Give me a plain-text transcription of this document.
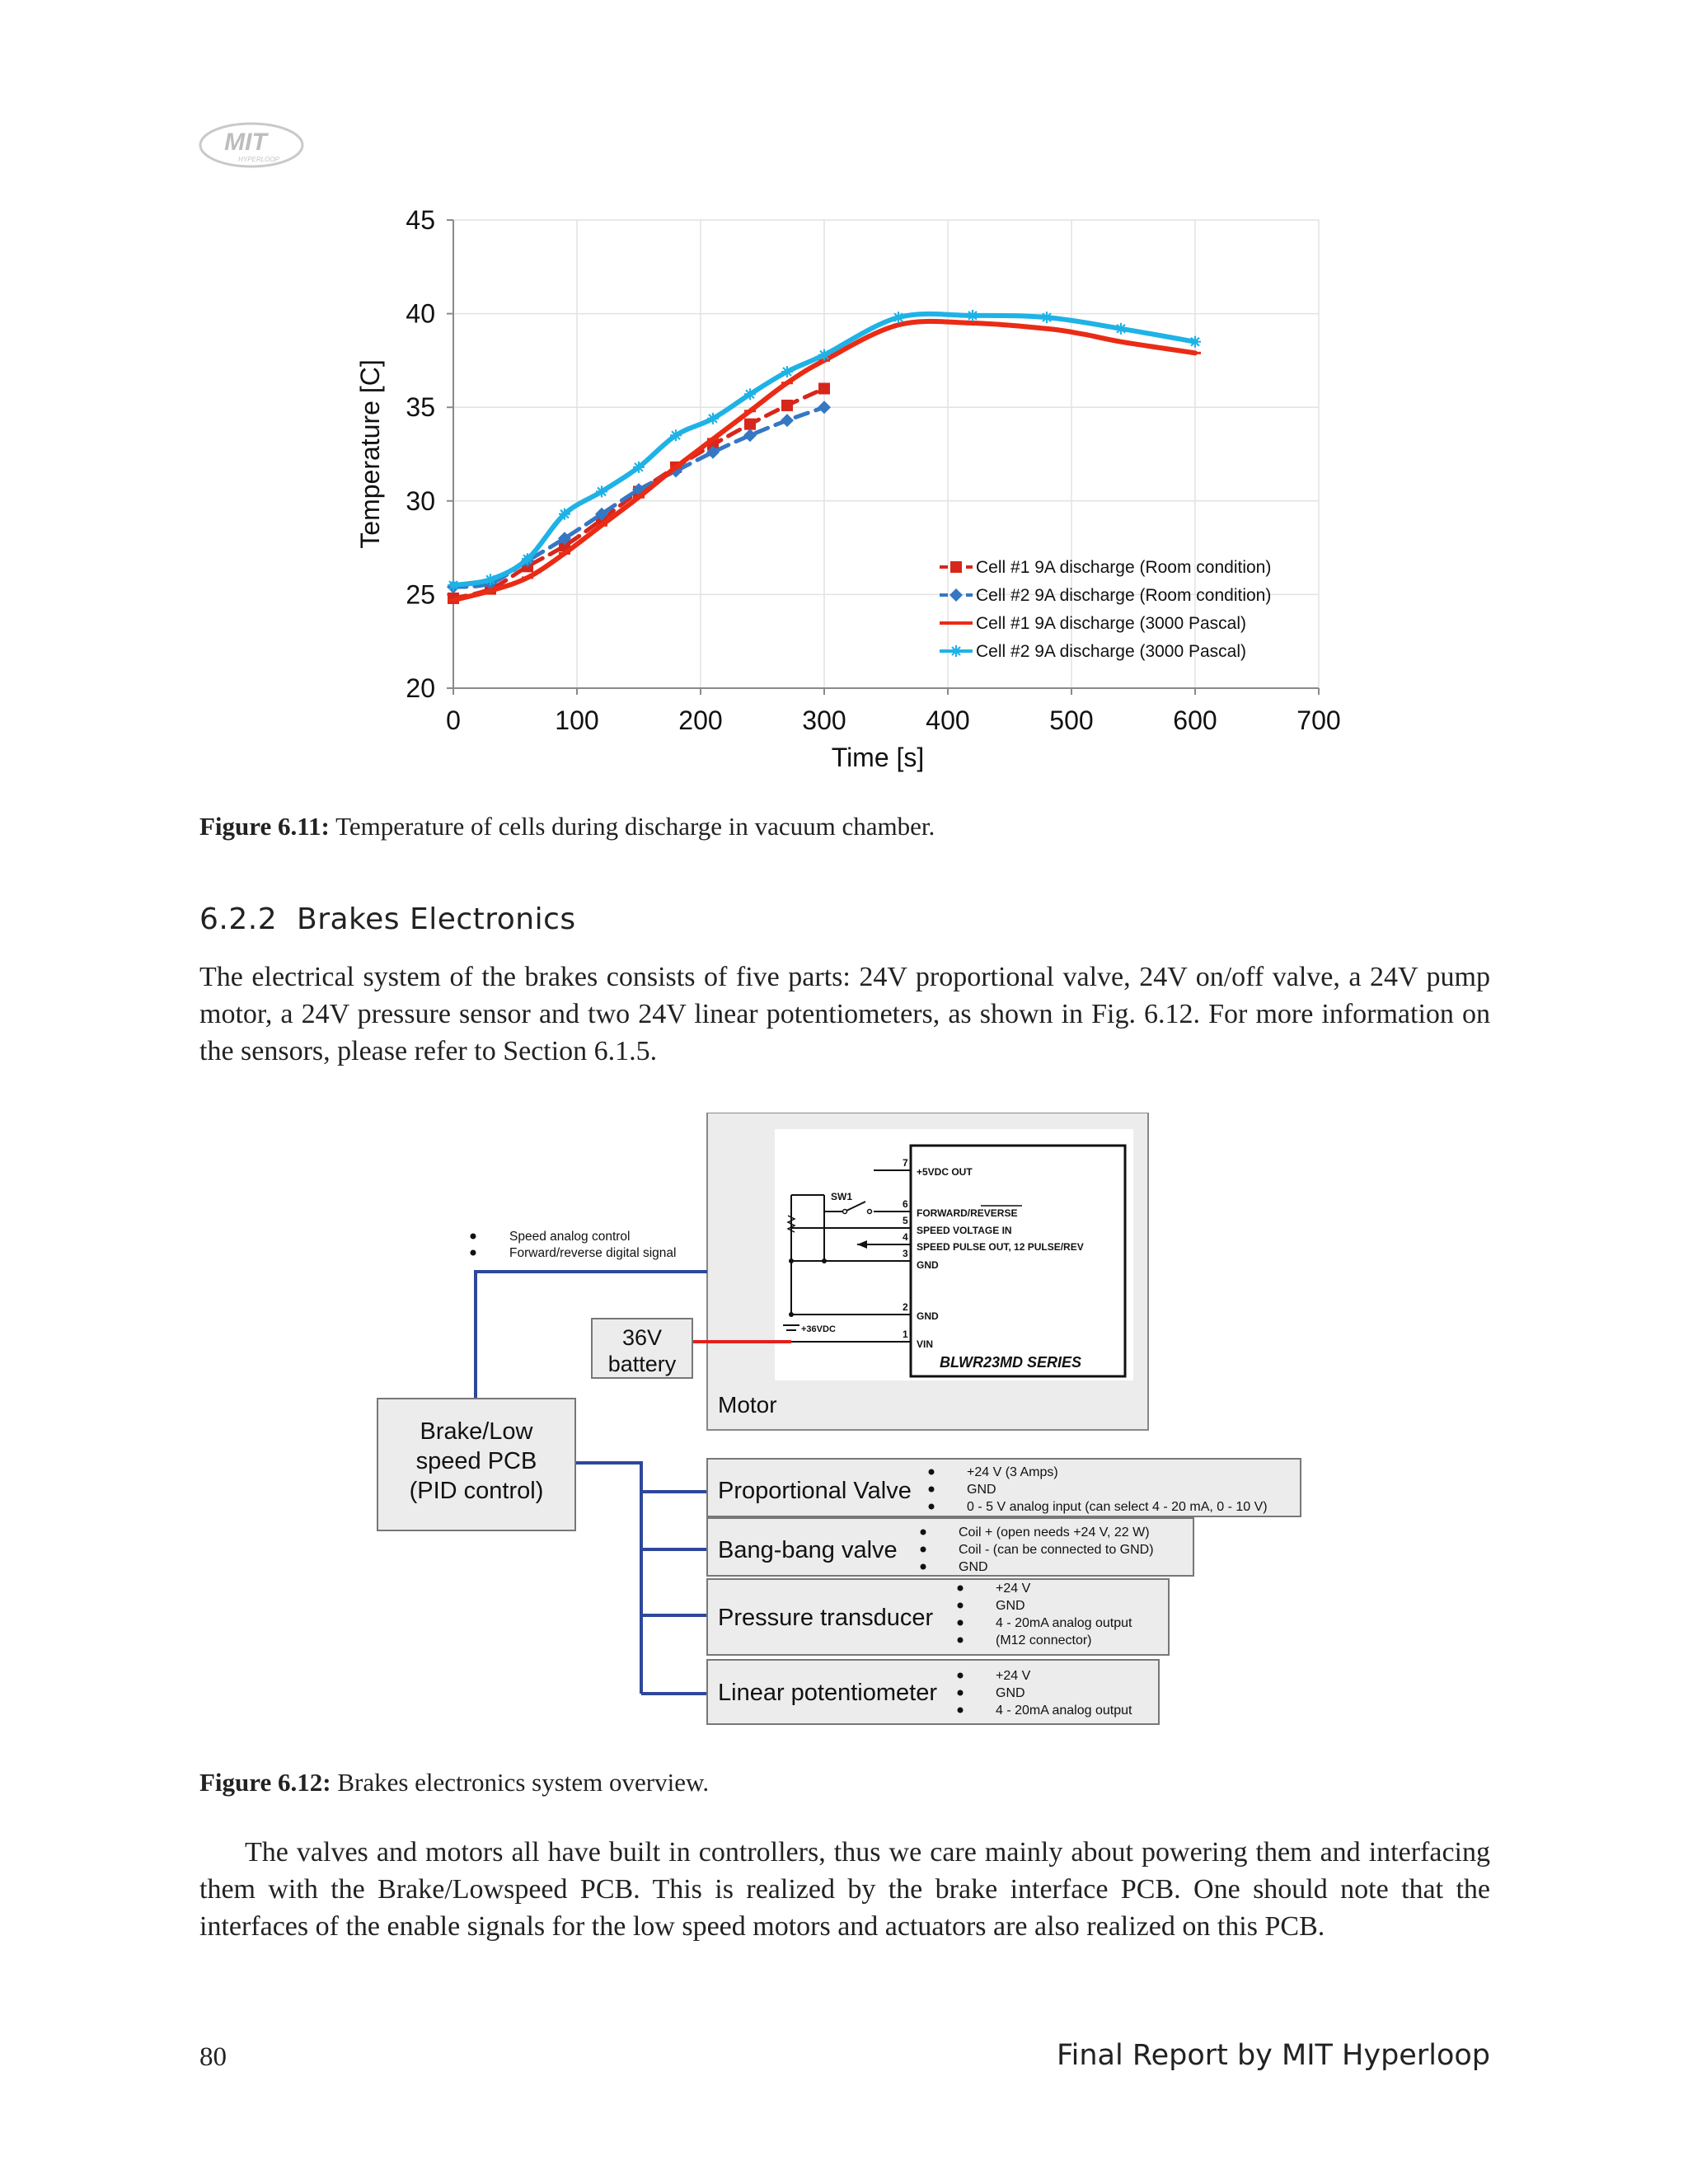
MIT
HYPERLOOP
0	100	200	300	400	500	600	700
20
25
30
35
40
45
Time [s]
Temperature [C]
Cell #1 9A discharge (Room condition)
Cell #2 9A discharge (Room condition)
Cell #1 9A discharge (3000 Pascal)
Cell #2 9A discharge (3000 Pascal)
Figure 6.11: Temperature of cells during discharge in vacuum chamber.
6.2.2 Brakes Electronics

The electrical system of the brakes consists of five parts: 24V proportional valve, 24V on/off valve, a 24V pump motor, a 24V pressure sensor and two 24V linear potentiometers, as shown in Fig. 6.12. For more information on the sensors, please refer to Section 6.1.5.

Motor
7
+5VDC OUT
6
FORWARD/REVERSE
5
SPEED VOLTAGE IN
4
SPEED PULSE OUT, 12 PULSE/REV
3
GND
2
GND
1
VIN
SW1
+36VDC
BLWR23MD SERIES
Speed analog control
Forward/reverse digital signal
36V
battery
Brake/Low
speed PCB
(PID control)	Proportional Valve
+24 V (3 Amps)
GND
0 - 5 V analog input (can select 4 - 20 mA, 0 - 10 V)
Bang-bang valve
Coil + (open needs +24 V, 22 W)
Coil - (can be connected to GND)
GND
Pressure transducer
+24 V
GND
4 - 20mA analog output
(M12 connector)
Linear potentiometer
+24 V
GND
4 - 20mA analog output
Figure 6.12: Brakes electronics system overview.

The valves and motors all have built in controllers, thus we care mainly about powering them and interfacing them with the Brake/Lowspeed PCB. This is realized by the brake interface PCB. One should note that the interfaces of the enable signals for the low speed motors and actuators are also realized on this PCB.

80	Final Report by MIT Hyperloop
